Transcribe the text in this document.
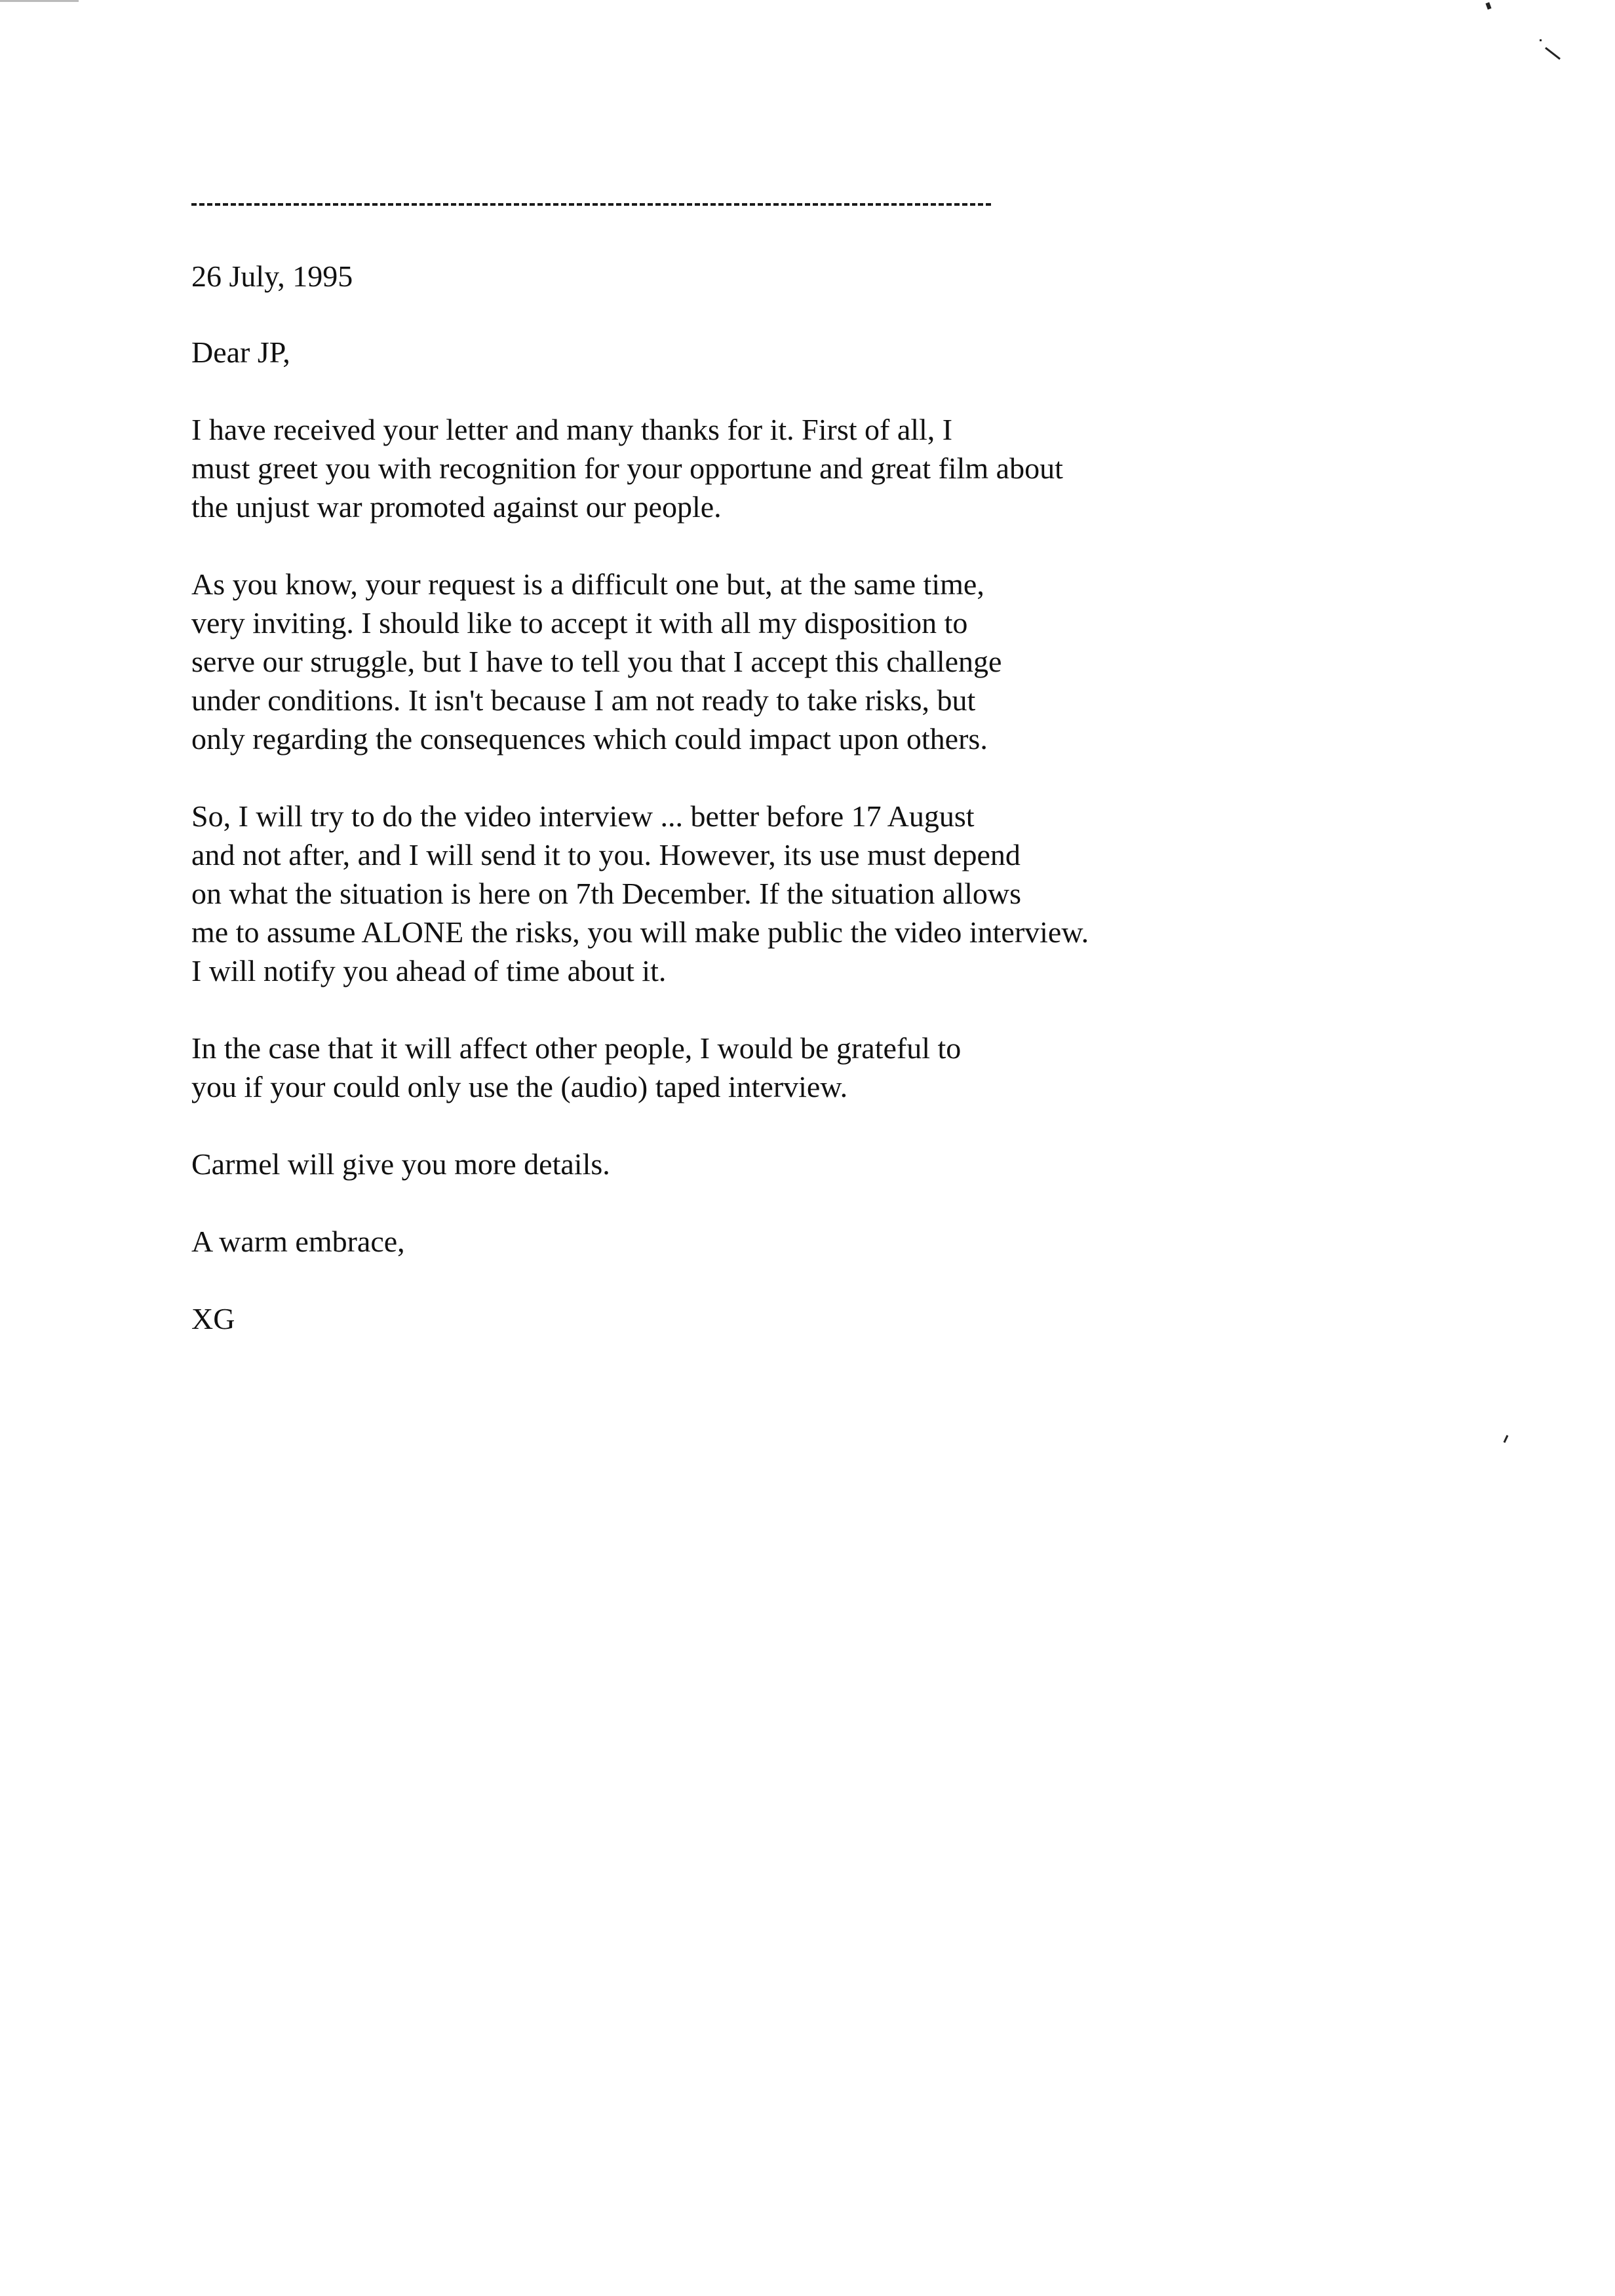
26 July, 1995

Dear JP,

I have received your letter and many thanks for it. First of all, I
must greet you with recognition for your opportune and great film about
the unjust war promoted against our people.

As you know, your request is a difficult one but, at the same time,
very inviting. I should like to accept it with all my disposition to
serve our struggle, but I have to tell you that I accept this challenge
under conditions. It isn't because I am not ready to take risks, but
only regarding the consequences which could impact upon others.

So, I will try to do the video interview ... better before 17 August
and not after, and I will send it to you. However, its use must depend
on what the situation is here on 7th December. If the situation allows
me to assume ALONE the risks, you will make public the video interview.
I will notify you ahead of time about it.

In the case that it will affect other people, I would be grateful to
you if your could only use the (audio) taped interview.

Carmel will give you more details.

A warm embrace,

XG
